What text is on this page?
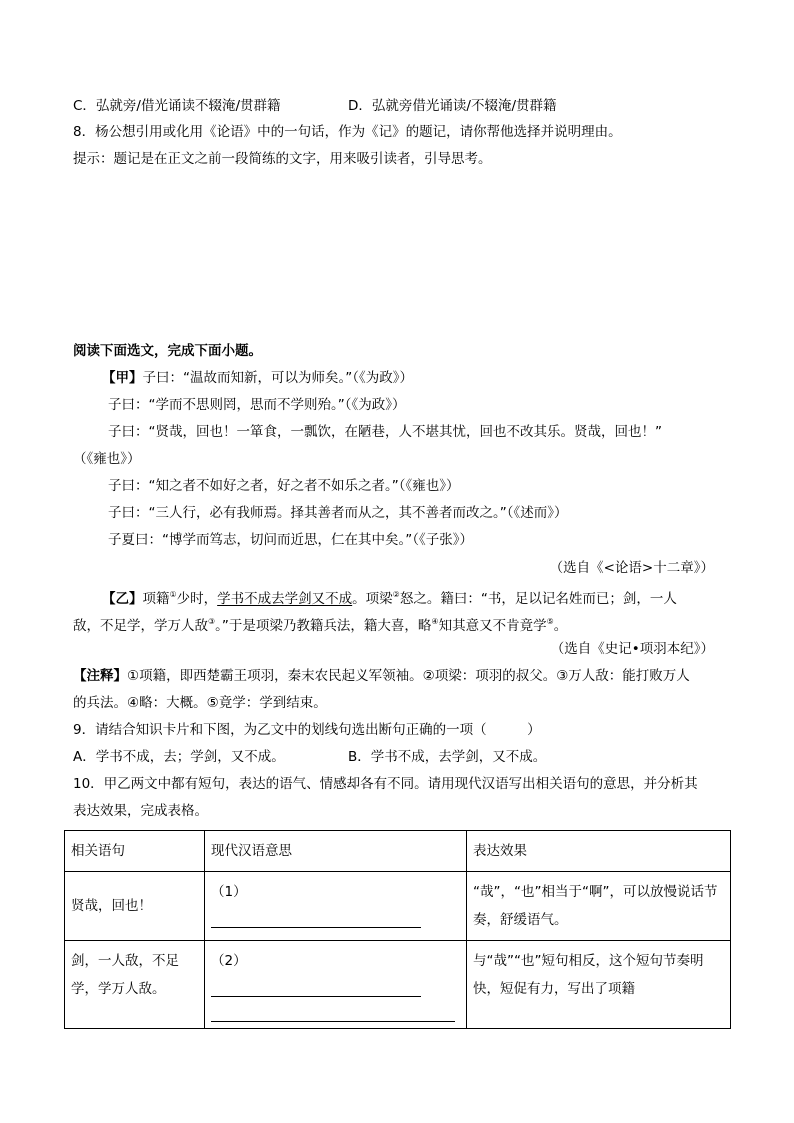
C．弘就旁/借光诵读不辍淹/贯群籍	D．弘就旁借光诵读/不辍淹/贯群籍
8．杨公想引用或化用《论语》中的一句话，作为《记》的题记，请你帮他选择并说明理由。
提示：题记是在正文之前一段简练的文字，用来吸引读者，引导思考。
阅读下面选文，完成下面小题。
【甲】子曰：“温故而知新，可以为师矣。”（《为政》）
子曰：“学而不思则罔，思而不学则殆。”（《为政》）
子曰：“贤哉，回也！一箪食，一瓢饮，在陋巷，人不堪其忧，回也不改其乐。贤哉，回也！”
（《雍也》）
子曰：“知之者不如好之者，好之者不如乐之者。”（《雍也》）
子曰：“三人行，必有我师焉。择其善者而从之，其不善者而改之。”（《述而》）
子夏曰：“博学而笃志，切问而近思，仁在其中矣。”（《子张》）
（选自《<论语>十二章》）
【乙】项籍①少时，学书不成去学剑又不成。项梁②怒之。籍曰：“书，足以记名姓而已；剑，一人
敌，不足学，学万人敌③。”于是项梁乃教籍兵法，籍大喜，略④知其意又不肯竟学⑤。
（选自《史记•项羽本纪》）
【注释】①项籍，即西楚霸王项羽，秦末农民起义军领袖。②项梁：项羽的叔父。③万人敌：能打败万人
的兵法。④略：大概。⑤竟学：学到结束。
9．请结合知识卡片和下图，为乙文中的划线句选出断句正确的一项（　　　）
A．学书不成，去；学剑，又不成。	B．学书不成，去学剑，又不成。
10．甲乙两文中都有短句，表达的语气、情感却各有不同。请用现代汉语写出相关语句的意思，并分析其
表达效果，完成表格。
相关语句	现代汉语意思	表达效果
贤哉，回也！	（1）	“哉”，“也”相当于“啊”，可以放慢说话节奏，舒缓语气。
剑，一人敌，不足学，学万人敌。	（2）	与“哉”“也”短句相反，这个短句节奏明快，短促有力，写出了项籍
